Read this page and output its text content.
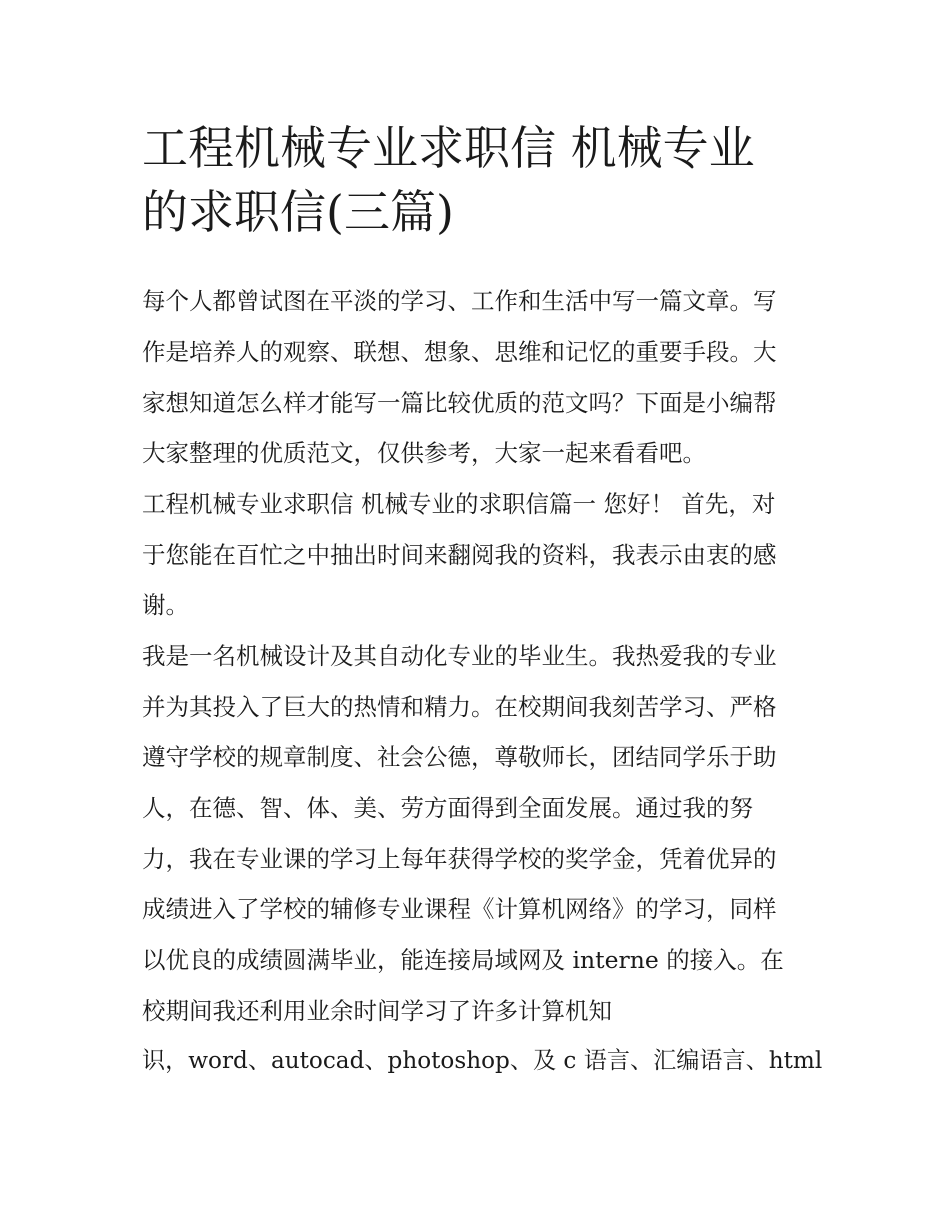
工程机械专业求职信 机械专业
的求职信(三篇)
每个人都曾试图在平淡的学习、工作和生活中写一篇文章。写
作是培养人的观察、联想、想象、思维和记忆的重要手段。大
家想知道怎么样才能写一篇比较优质的范文吗？下面是小编帮
大家整理的优质范文，仅供参考，大家一起来看看吧。
工程机械专业求职信 机械专业的求职信篇一 您好！ 首先，对
于您能在百忙之中抽出时间来翻阅我的资料，我表示由衷的感
谢。
我是一名机械设计及其自动化专业的毕业生。我热爱我的专业
并为其投入了巨大的热情和精力。在校期间我刻苦学习、严格
遵守学校的规章制度、社会公德，尊敬师长，团结同学乐于助
人，在德、智、体、美、劳方面得到全面发展。通过我的努
力，我在专业课的学习上每年获得学校的奖学金，凭着优异的
成绩进入了学校的辅修专业课程《计算机网络》的学习，同样
以优良的成绩圆满毕业，能连接局域网及 interne 的接入。在
校期间我还利用业余时间学习了许多计算机知
识，word、autocad、photoshop、及 c 语言、汇编语言、html
